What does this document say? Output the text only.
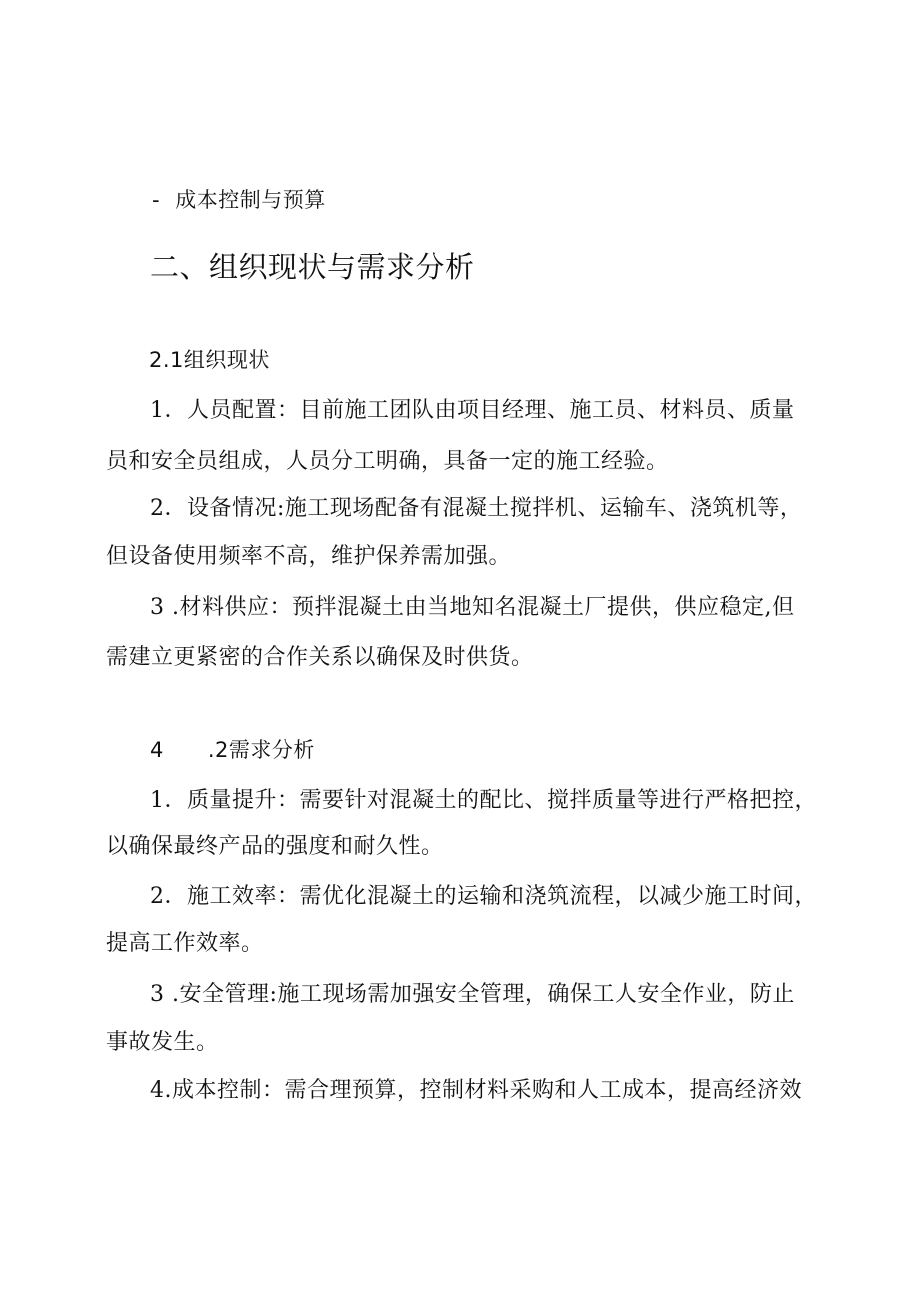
- 成本控制与预算
二、组织现状与需求分析
2.1组织现状
1．人员配置：目前施工团队由项目经理、施工员、材料员、质量
员和安全员组成，人员分工明确，具备一定的施工经验。
2．设备情况:施工现场配备有混凝土搅拌机、运输车、浇筑机等，
但设备使用频率不高，维护保养需加强。
3 .材料供应：预拌混凝土由当地知名混凝土厂提供，供应稳定,但
需建立更紧密的合作关系以确保及时供货。
4 .2需求分析
1．质量提升：需要针对混凝土的配比、搅拌质量等进行严格把控，
以确保最终产品的强度和耐久性。
2．施工效率：需优化混凝土的运输和浇筑流程，以减少施工时间，
提高工作效率。
3 .安全管理:施工现场需加强安全管理，确保工人安全作业，防止
事故发生。
4.成本控制：需合理预算，控制材料采购和人工成本，提高经济效
